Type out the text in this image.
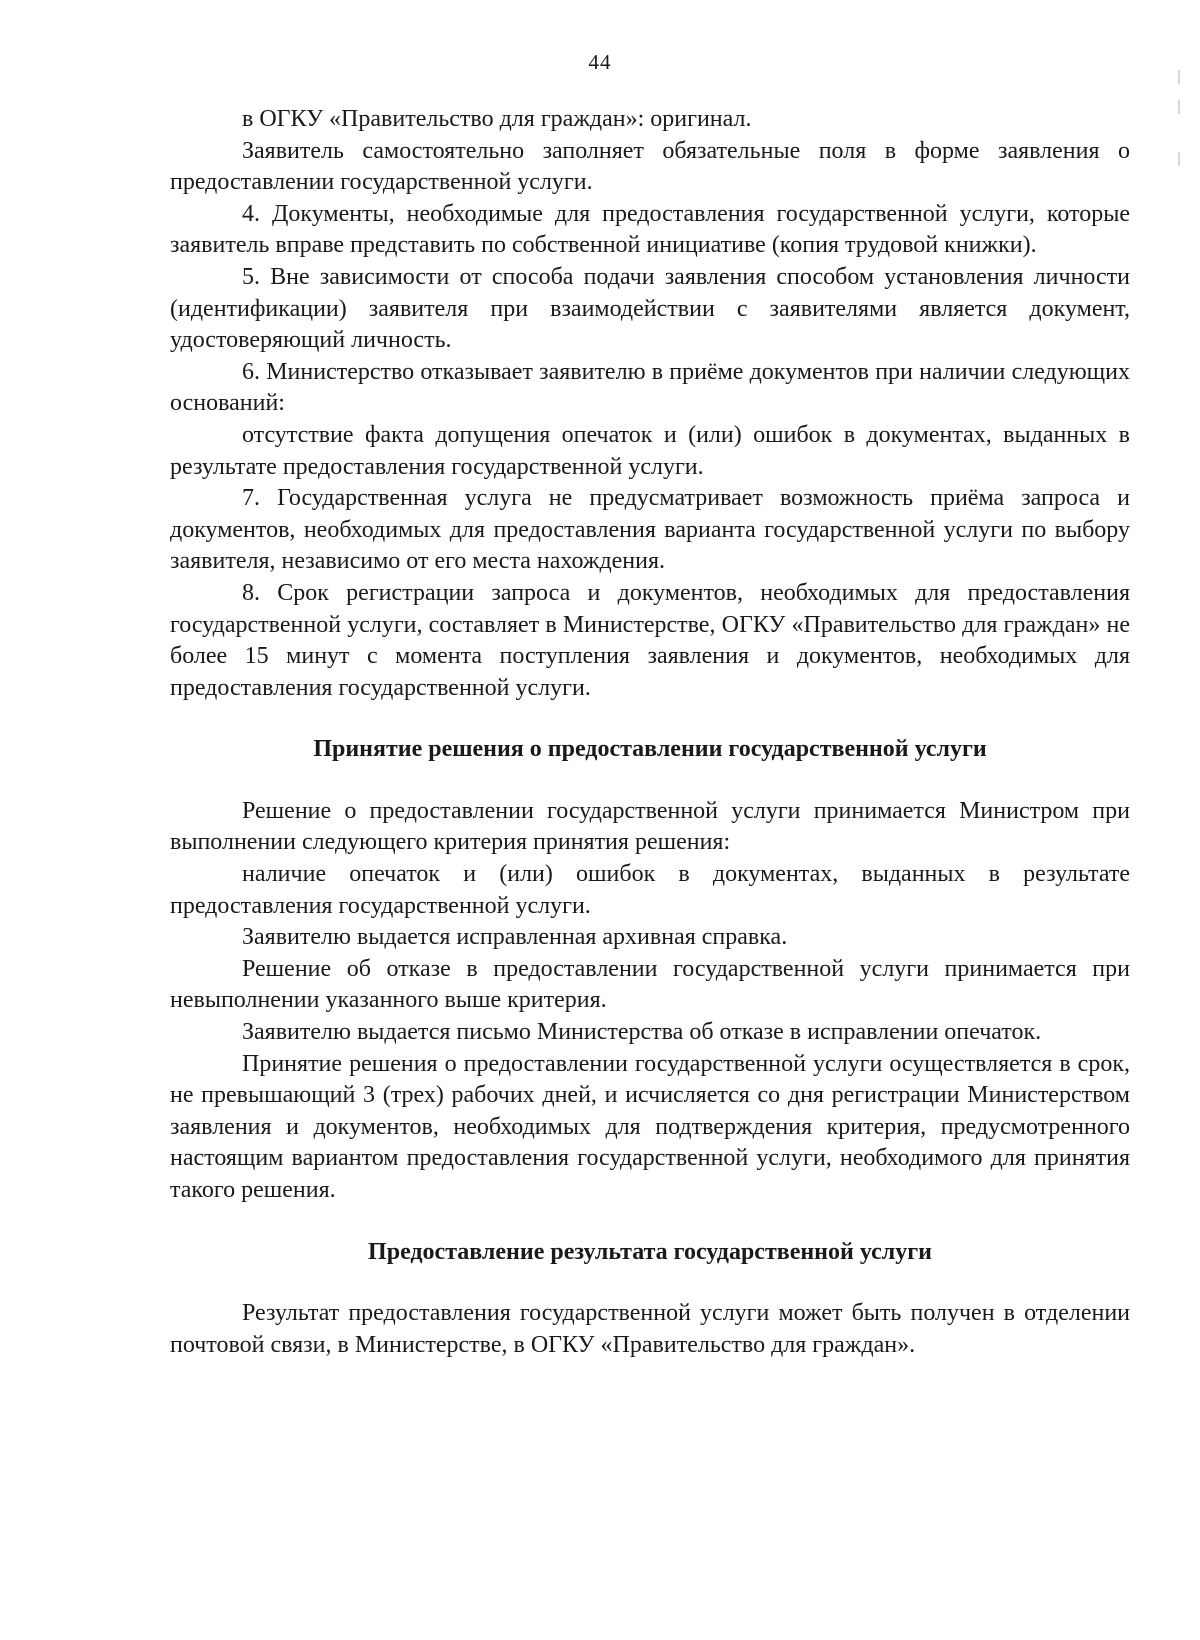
44

в ОГКУ «Правительство для граждан»: оригинал.

Заявитель самостоятельно заполняет обязательные поля в форме заявления о предоставлении государственной услуги.

4. Документы, необходимые для предоставления государственной услуги, которые заявитель вправе представить по собственной инициативе (копия трудовой книжки).

5. Вне зависимости от способа подачи заявления способом установления личности (идентификации) заявителя при взаимодействии с заявителями является документ, удостоверяющий личность.

6. Министерство отказывает заявителю в приёме документов при наличии следующих оснований:

отсутствие факта допущения опечаток и (или) ошибок в документах, выданных в результате предоставления государственной услуги.

7. Государственная услуга не предусматривает возможность приёма запроса и документов, необходимых для предоставления варианта государственной услуги по выбору заявителя, независимо от его места нахождения.

8. Срок регистрации запроса и документов, необходимых для предоставления государственной услуги, составляет в Министерстве, ОГКУ «Правительство для граждан» не более 15 минут с момента поступления заявления и документов, необходимых для предоставления государственной услуги.

Принятие решения о предоставлении государственной услуги

Решение о предоставлении государственной услуги принимается Министром при выполнении следующего критерия принятия решения:

наличие опечаток и (или) ошибок в документах, выданных в результате предоставления государственной услуги.

Заявителю выдается исправленная архивная справка.

Решение об отказе в предоставлении государственной услуги принимается при невыполнении указанного выше критерия.

Заявителю выдается письмо Министерства об отказе в исправлении опечаток.

Принятие решения о предоставлении государственной услуги осуществляется в срок, не превышающий 3 (трех) рабочих дней, и исчисляется со дня регистрации Министерством заявления и документов, необходимых для подтверждения критерия, предусмотренного настоящим вариантом предоставления государственной услуги, необходимого для принятия такого решения.

Предоставление результата государственной услуги

Результат предоставления государственной услуги может быть получен в отделении почтовой связи, в Министерстве, в ОГКУ «Правительство для граждан».
